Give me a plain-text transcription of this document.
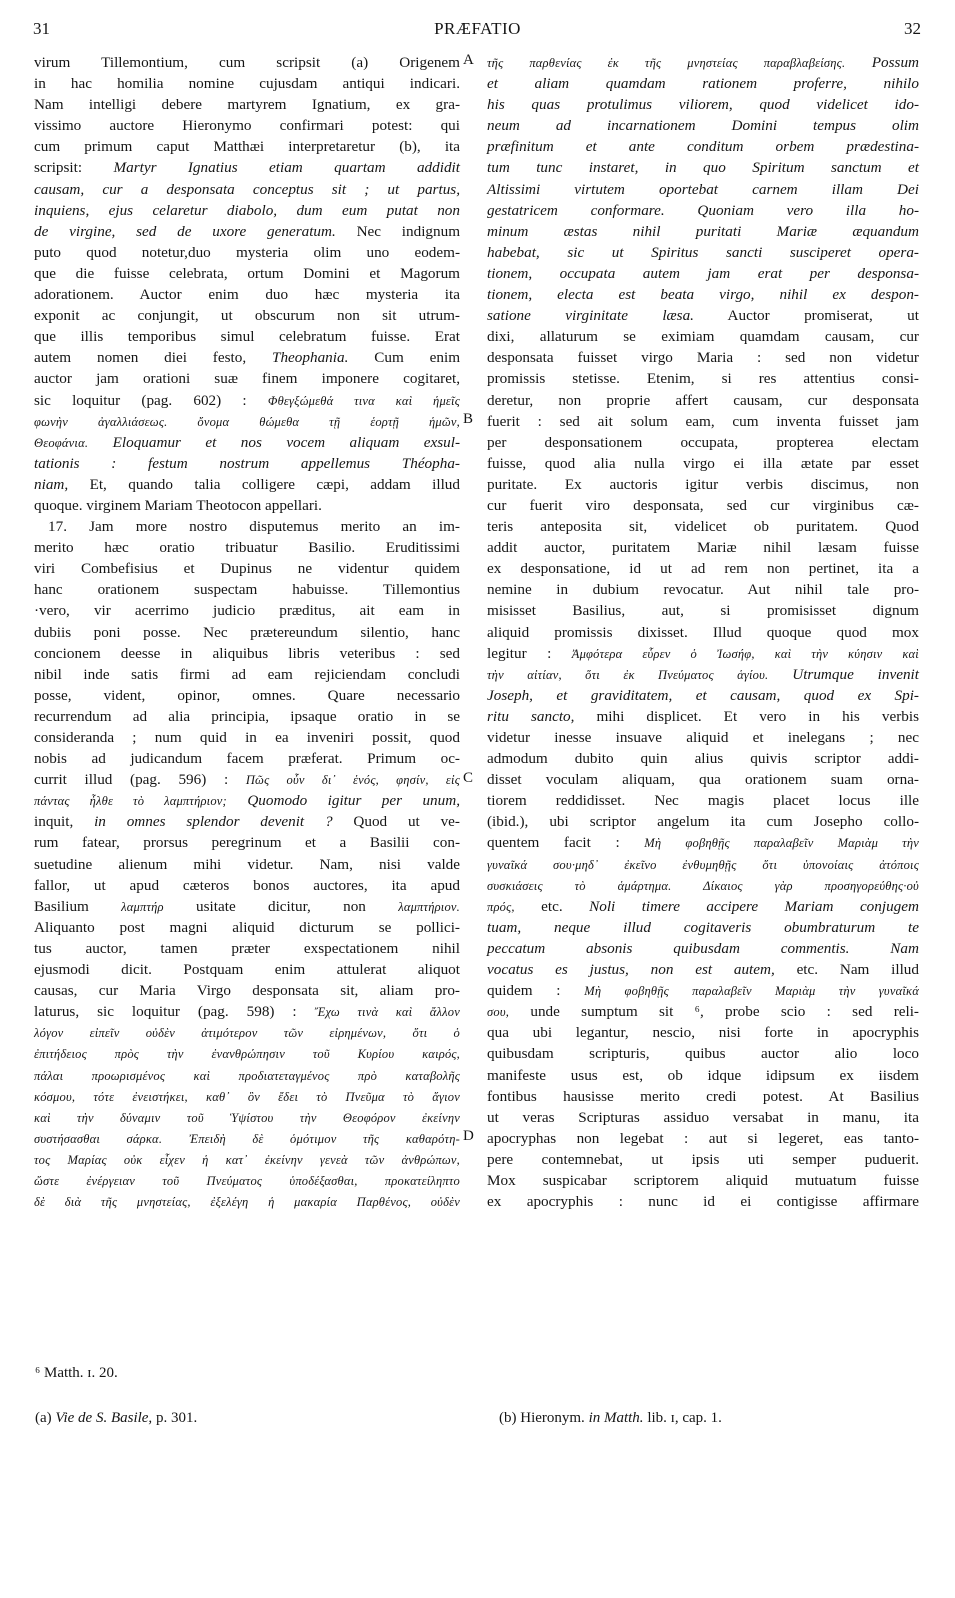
31	PRÆFATIO	32
virum Tillemontium, cum scripsit (a) Origenem
in hac homilia nomine cujusdam antiqui indicari.
Nam intelligi debere martyrem Ignatium, ex gra-
vissimo auctore Hieronymo confirmari potest: qui
cum primum caput Matthæi interpretaretur (b), ita
scripsit: Martyr Ignatius etiam quartam addidit
causam, cur a desponsata conceptus sit ; ut partus,
inquiens, ejus celaretur diabolo, dum eum putat non
de virgine, sed de uxore generatum. Nec indignum
puto quod notetur,duo mysteria olim uno eodem-
que die fuisse celebrata, ortum Domini et Magorum
adorationem. Auctor enim duo hæc mysteria ita
exponit ac conjungit, ut obscurum non sit utrum-
que illis temporibus simul celebratum fuisse. Erat
autem nomen diei festo, Theophania. Cum enim
auctor jam orationi suæ finem imponere cogitaret,
sic loquitur (pag. 602) : Φθεγξώμεθά τινα καὶ ἡμεῖς
φωνὴν ἀγαλλιάσεως. ὄνομα θώμεθα τῇ ἑορτῇ ἡμῶν,
Θεοφάνια. Eloquamur et nos vocem aliquam exsul-
tationis : festum nostrum appellemus Théopha-
niam, Et, quando talia colligere cæpi, addam illud
quoque. virginem Mariam Theotocon appellari.
17. Jam more nostro disputemus merito an im-
merito hæc oratio tribuatur Basilio. Eruditissimi
viri Combefisius et Dupinus ne videntur quidem
hanc orationem suspectam habuisse. Tillemontius
·vero, vir acerrimo judicio præditus, ait eam in
dubiis poni posse. Nec prætereundum silentio, hanc
concionem deesse in aliquibus libris veteribus : sed
nibil inde satis firmi ad eam rejiciendam concludi
posse, vident, opinor, omnes. Quare necessario
recurrendum ad alia principia, ipsaque oratio in se
consideranda ; num quid in ea inveniri possit, quod
nobis ad judicandum facem præferat. Primum oc-
currit illud (pag. 596) : Πῶς οὖν δι᾽ ἑνός, φησίν, εἰς
πάντας ἦλθε τὸ λαμπτήριον; Quomodo igitur per unum,
inquit, in omnes splendor devenit ? Quod ut ve-
rum fatear, prorsus peregrinum et a Basilii con-
suetudine alienum mihi videtur. Nam, nisi valde
fallor, ut apud cæteros bonos auctores, ita apud
Basilium λαμπτήρ usitate dicitur, non λαμπτήριον.
Aliquanto post magni aliquid dicturum se pollici-
tus auctor, tamen præter exspectationem nihil
ejusmodi dicit. Postquam enim attulerat aliquot
causas, cur Maria Virgo desponsata sit, aliam pro-
laturus, sic loquitur (pag. 598) : Ἔχω τινὰ καὶ ἄλλον
λόγον εἰπεῖν οὐδὲν ἀτιμότερον τῶν εἰρημένων, ὅτι ὁ
ἐπιτήδειος πρὸς τὴν ἐνανθρώπησιν τοῦ Κυρίου καιρός,
πάλαι προωρισμένος καὶ προδιατεταγμένος πρὸ καταβολῆς
κόσμου, τότε ἐνειστήκει, καθ᾽ ὃν ἔδει τὸ Πνεῦμα τὸ ἅγιον
καὶ τὴν δύναμιν τοῦ Ὑψίστου τὴν Θεοφόρον ἐκείνην
συστήσασθαι σάρκα. Ἐπειδὴ δὲ ὁμότιμον τῆς καθαρότη-
τος Μαρίας οὐκ εἶχεν ἡ κατ᾽ ἐκείνην γενεὰ τῶν ἀνθρώπων,
ὥστε ἐνέργειαν τοῦ Πνεύματος ὑποδέξασθαι, προκατείληπτο
δὲ διὰ τῆς μνηστείας, ἐξελέγη ἡ μακαρία Παρθένος, οὐδὲν
τῆς παρθενίας ἐκ τῆς μνηστείας παραβλαβείσης. Possum
et aliam quamdam rationem proferre, nihilo
his quas protulimus viliorem, quod videlicet ido-
neum ad incarnationem Domini tempus olim
præfinitum et ante conditum orbem prædestina-
tum tunc instaret, in quo Spiritum sanctum et
Altissimi virtutem oportebat carnem illam Dei
gestatricem conformare. Quoniam vero illa ho-
minum æstas nihil puritati Mariæ æquandum
habebat, sic ut Spiritus sancti susciperet opera-
tionem, occupata autem jam erat per desponsa-
tionem, electa est beata virgo, nihil ex despon-
satione virginitate læsa. Auctor promiserat, ut
dixi, allaturum se eximiam quamdam causam, cur
desponsata fuisset virgo Maria : sed non videtur
promissis stetisse. Etenim, si res attentius consi-
deretur, non proprie affert causam, cur desponsata
fuerit : sed ait solum eam, cum inventa fuisset jam
per desponsationem occupata, propterea electam
fuisse, quod alia nulla virgo ei illa ætate par esset
puritate. Ex auctoris igitur verbis discimus, non
cur fuerit viro desponsata, sed cur virginibus cæ-
teris anteposita sit, videlicet ob puritatem. Quod
addit auctor, puritatem Mariæ nihil læsam fuisse
ex desponsatione, id ut ad rem non pertinet, ita a
nemine in dubium revocatur. Aut nihil tale pro-
misisset Basilius, aut, si promisisset dignum
aliquid promissis dixisset. Illud quoque quod mox
legitur : Ἀμφότερα εὗρεν ὁ Ἰωσήφ, καὶ τὴν κύησιν καὶ
τὴν αἰτίαν, ὅτι ἐκ Πνεύματος ἁγίου. Utrumque invenit
Joseph, et graviditatem, et causam, quod ex Spi-
ritu sancto, mihi displicet. Et vero in his verbis
videtur inesse insuave aliquid et inelegans ; nec
admodum dubito quin alius quivis scriptor addi-
disset voculam aliquam, qua orationem suam orna-
tiorem reddidisset. Nec magis placet locus ille
(ibid.), ubi scriptor angelum ita cum Josepho collo-
quentem facit : Μὴ φοβηθῇς παραλαβεῖν Μαριὰμ τὴν
γυναῖκά σου·μηδ᾽ ἐκεῖνο ἐνθυμηθῇς ὅτι ὑπονοίαις ἀτόποις
συσκιάσεις τὸ ἁμάρτημα. Δίκαιος γὰρ προσηγορεύθης·οὐ
πρός, etc. Noli timere accipere Mariam conjugem
tuam, neque illud cogitaveris obumbraturum te
peccatum absonis quibusdam commentis. Nam
vocatus es justus, non est autem, etc. Nam illud
quidem : Μὴ φοβηθῇς παραλαβεῖν Μαριὰμ τὴν γυναῖκά
σου, unde sumptum sit ⁶, probe scio : sed reli-
qua ubi legantur, nescio, nisi forte in apocryphis
quibusdam scripturis, quibus auctor alio loco
manifeste usus est, ob idque idipsum ex iisdem
fontibus hausisse merito credi potest. At Basilius
ut veras Scripturas assiduo versabat in manu, ita
apocryphas non legebat : aut si legeret, eas tanto-
pere contemnebat, ut ipsis uti semper puduerit.
Mox suspicabar scriptorem aliquid mutuatum fuisse
ex apocryphis : nunc id ei contigisse affirmare
A
B
C
D
⁶ Matth. ɪ. 20.
(a) Vie de S. Basile, p. 301.	(b) Hieronym. in Matth. lib. ɪ, cap. 1.
